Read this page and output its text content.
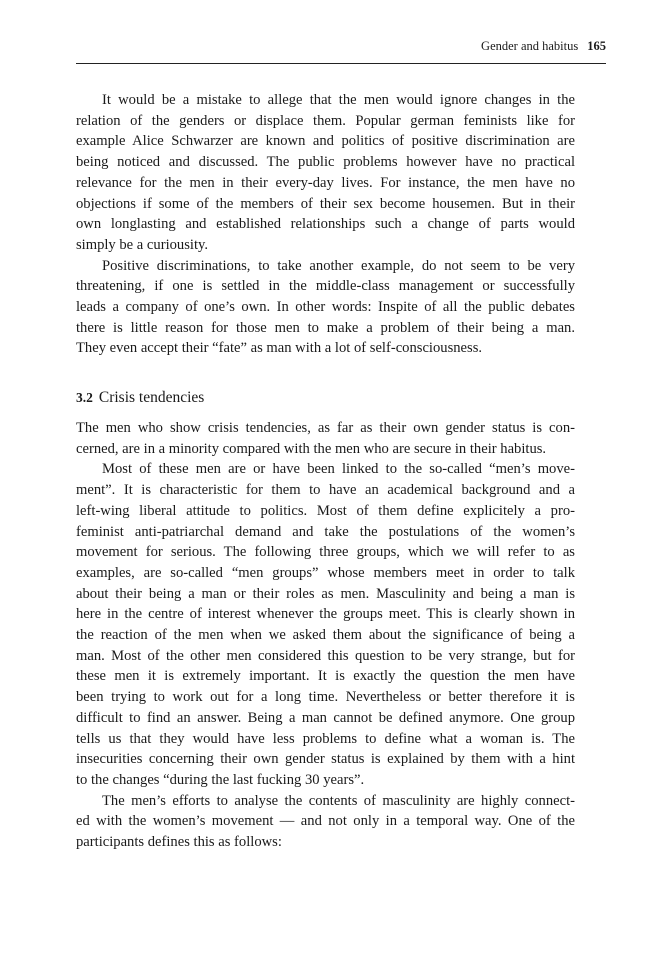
Gender and habitus 165

It would be a mistake to allege that the men would ignore changes in the
relation of the genders or displace them. Popular german feminists like for
example Alice Schwarzer are known and politics of positive discrimination are
being noticed and discussed. The public problems however have no practical
relevance for the men in their every-day lives. For instance, the men have no
objections if some of the members of their sex become housemen. But in their
own longlasting and established relationships such a change of parts would
simply be a curiousity.

Positive discriminations, to take another example, do not seem to be very
threatening, if one is settled in the middle-class management or successfully
leads a company of one’s own. In other words: Inspite of all the public debates
there is little reason for those men to make a problem of their being a man.
They even accept their “fate” as man with a lot of self-consciousness.

3.2 Crisis tendencies

The men who show crisis tendencies, as far as their own gender status is con-
cerned, are in a minority compared with the men who are secure in their habitus.

Most of these men are or have been linked to the so-called “men’s move-
ment”. It is characteristic for them to have an academical background and a
left-wing liberal attitude to politics. Most of them define explicitely a pro-
feminist anti-patriarchal demand and take the postulations of the women’s
movement for serious. The following three groups, which we will refer to as
examples, are so-called “men groups” whose members meet in order to talk
about their being a man or their roles as men. Masculinity and being a man is
here in the centre of interest whenever the groups meet. This is clearly shown in
the reaction of the men when we asked them about the significance of being a
man. Most of the other men considered this question to be very strange, but for
these men it is extremely important. It is exactly the question the men have
been trying to work out for a long time. Nevertheless or better therefore it is
difficult to find an answer. Being a man cannot be defined anymore. One group
tells us that they would have less problems to define what a woman is. The
insecurities concerning their own gender status is explained by them with a hint
to the changes “during the last fucking 30 years”.

The men’s efforts to analyse the contents of masculinity are highly connect-
ed with the women’s movement — and not only in a temporal way. One of the
participants defines this as follows:
